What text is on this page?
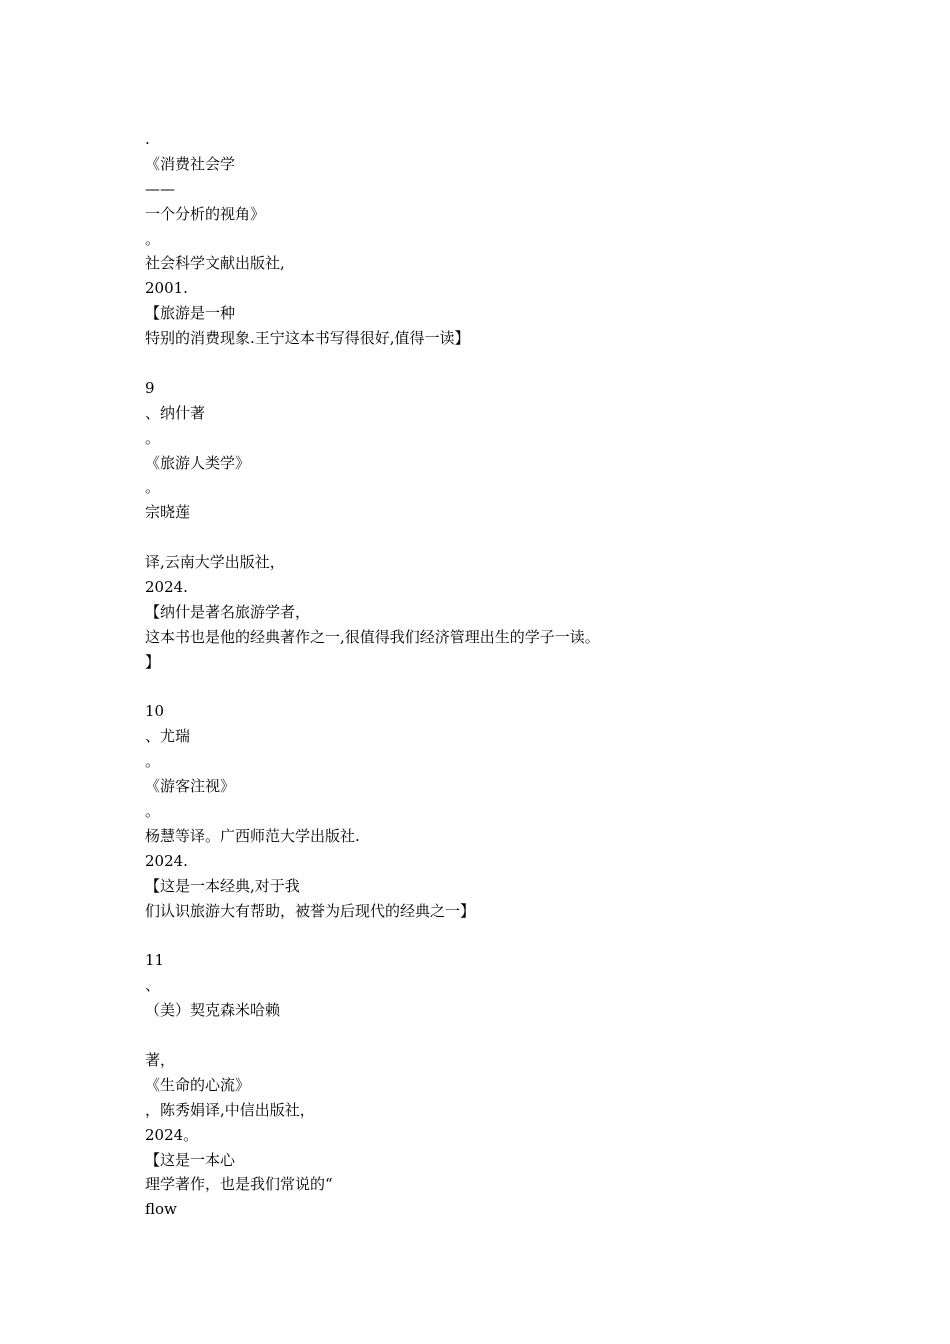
.
《消费社会学
——
一个分析的视角》
。
社会科学文献出版社,
2001.
【旅游是一种
特别的消费现象.王宁这本书写得很好,值得一读】
9
、纳什著
。
《旅游人类学》
。
宗晓莲
译,云南大学出版社，
2024.
【纳什是著名旅游学者，
这本书也是他的经典著作之一,很值得我们经济管理出生的学子一读。
】
10
、尤瑞
。
《游客注视》
。
杨慧等译。广西师范大学出版社.
2024.
【这是一本经典,对于我
们认识旅游大有帮助，被誉为后现代的经典之一】
11
、
（美）契克森米哈赖
著，
《生命的心流》
，陈秀娟译,中信出版社，
2024。
【这是一本心
理学著作，也是我们常说的“
flow
